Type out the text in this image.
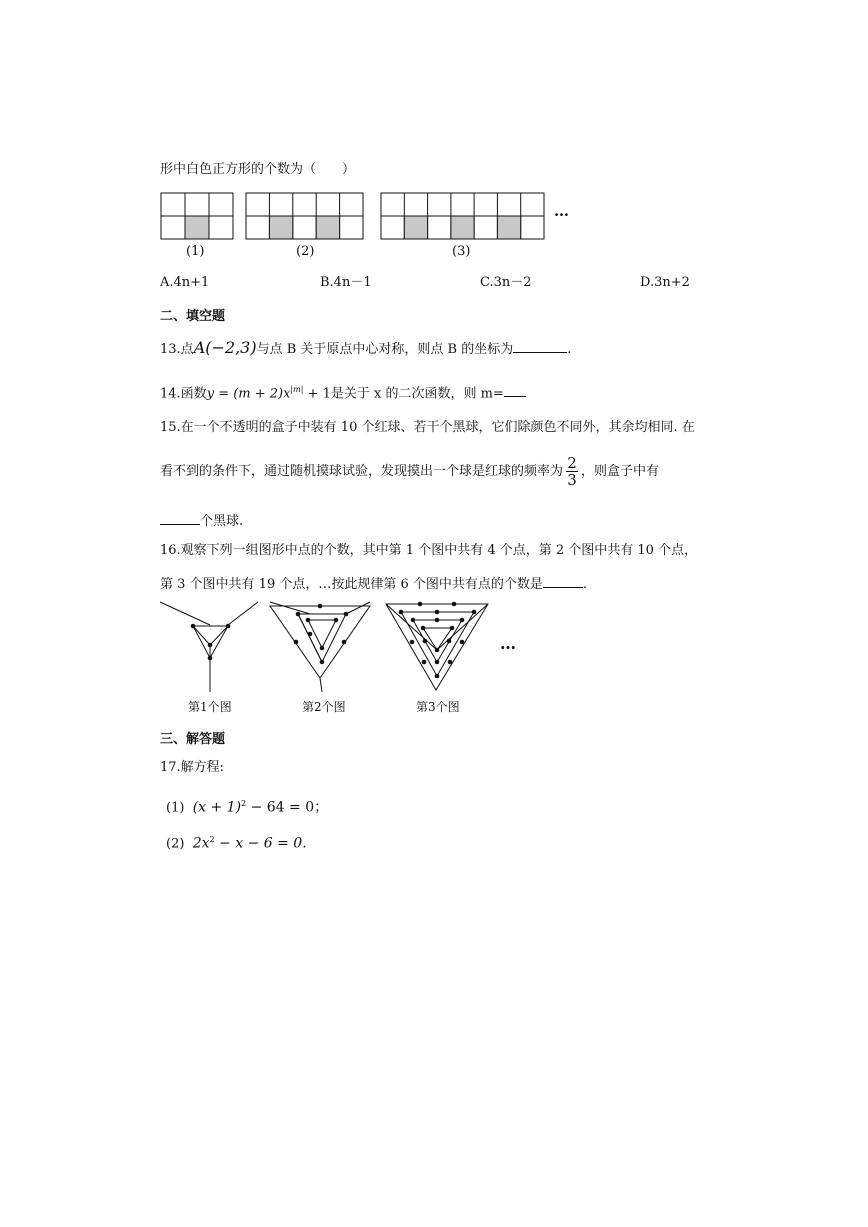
形中白色正方形的个数为（　　）
…
(1)	(2)	(3)
A.4n+1	B.4n－1	C.3n－2	D.3n+2
二、填空题
13.点A(−2,3)与点 B 关于原点中心对称，则点 B 的坐标为	.
14.函数$y = (m + 2)x^{|m|} + 1$是关于 x 的二次函数，则 m=
15.在一个不透明的盒子中装有 10 个红球、若干个黑球，它们除颜色不同外，其余均相同. 在
看不到的条件下，通过随机摸球试验，发现摸出一个球是红球的频率为 $\frac{2}{3}$ ，则盒子中有
个黑球.
16.观察下列一组图形中点的个数，其中第 1 个图中共有 4 个点，第 2 个图中共有 10 个点，
第 3 个图中共有 19 个点，…按此规律第 6 个图中共有点的个数是	.
…
第1个图	第2个图	第3个图
三、解答题
17.解方程:
(1) $(x + 1)^2 - 64 = 0$；
(2) $2x^2 - x - 6 = 0$.
